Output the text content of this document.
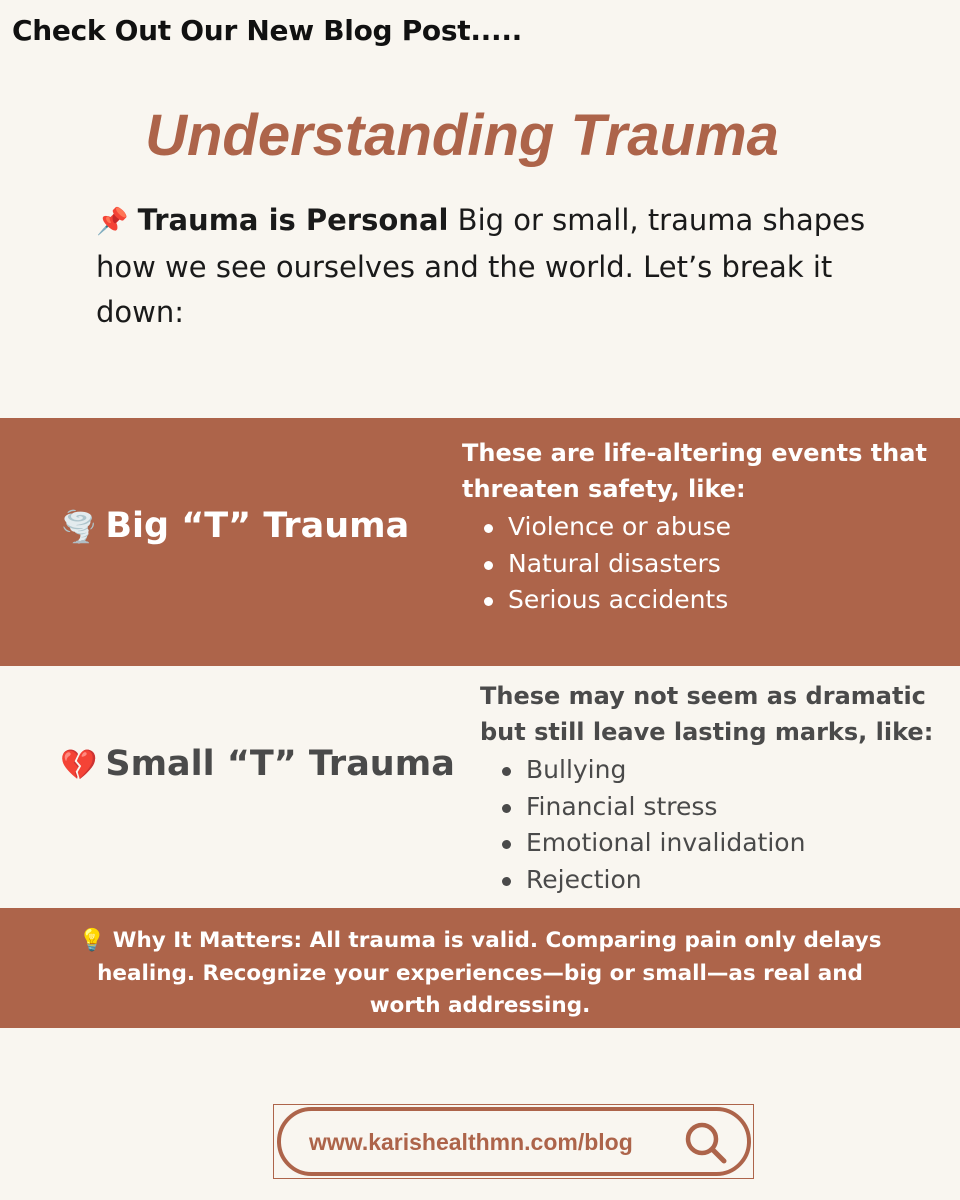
Check Out Our New Blog Post.....
Understanding Trauma
📌 Trauma is Personal Big or small, trauma shapes how we see ourselves and the world. Let’s break it down:
🌪️ Big “T” Trauma

These are life-altering events that threaten safety, like:

Violence or abuse
Natural disasters
Serious accidents
💔 Small “T” Trauma

These may not seem as dramatic but still leave lasting marks, like:

Bullying
Financial stress
Emotional invalidation
Rejection
💡 Why It Matters: All trauma is valid. Comparing pain only delays healing. Recognize your experiences—big or small—as real and worth addressing.
www.karishealthmn.com/blog
